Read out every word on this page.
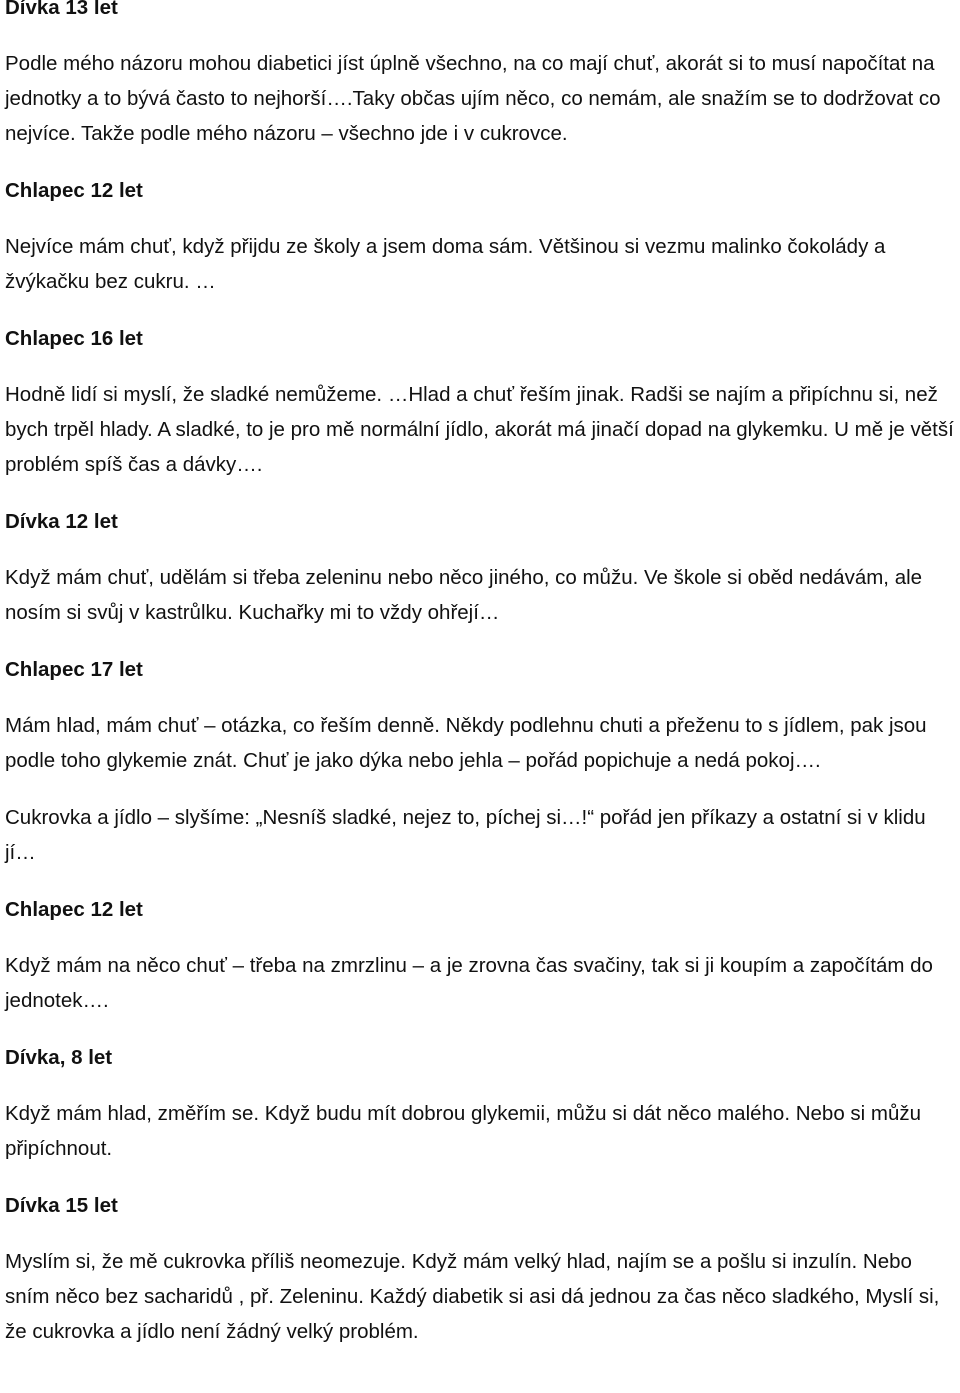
Dívka 13 let
Podle mého názoru mohou diabetici jíst úplně všechno, na co mají chuť, akorát si to musí napočítat na jednotky a to bývá často to nejhorší….Taky občas ujím něco, co nemám, ale snažím se to dodržovat co nejvíce. Takže podle mého názoru – všechno jde i v cukrovce.
Chlapec 12 let
Nejvíce mám chuť, když přijdu ze školy a jsem doma sám. Většinou si vezmu malinko čokolády a žvýkačku bez cukru. …
Chlapec 16 let
Hodně lidí si myslí, že sladké nemůžeme. …Hlad a chuť řeším jinak. Radši se najím a připíchnu si, než bych trpěl hlady. A sladké, to je pro mě normální jídlo, akorát má jinačí dopad na glykemku. U mě je větší problém spíš čas a dávky….
Dívka 12 let
Když mám chuť, udělám si třeba zeleninu nebo něco jiného, co můžu. Ve škole si oběd nedávám, ale nosím si svůj v kastrůlku. Kuchařky mi to vždy ohřejí…
Chlapec 17 let
Mám hlad, mám chuť – otázka, co řeším denně. Někdy podlehnu chuti a přeženu to s jídlem, pak jsou podle toho glykemie znát. Chuť je jako dýka nebo jehla – pořád popichuje a nedá pokoj….
Cukrovka a jídlo – slyšíme: „Nesníš sladké, nejez to, píchej si…!“ pořád jen příkazy a ostatní si v klidu jí…
Chlapec 12 let
Když mám na něco chuť – třeba na zmrzlinu – a je zrovna čas svačiny, tak si ji koupím a započítám do jednotek….
Dívka, 8 let
Když mám hlad, změřím se. Když budu mít dobrou glykemii, můžu si dát něco malého. Nebo si můžu připíchnout.
Dívka 15 let
Myslím si, že mě cukrovka příliš neomezuje. Když mám velký hlad, najím se a pošlu si inzulín. Nebo sním něco bez sacharidů , př. Zeleninu. Každý diabetik si asi dá jednou za čas něco sladkého, Myslí si, že cukrovka a jídlo není žádný velký problém.
